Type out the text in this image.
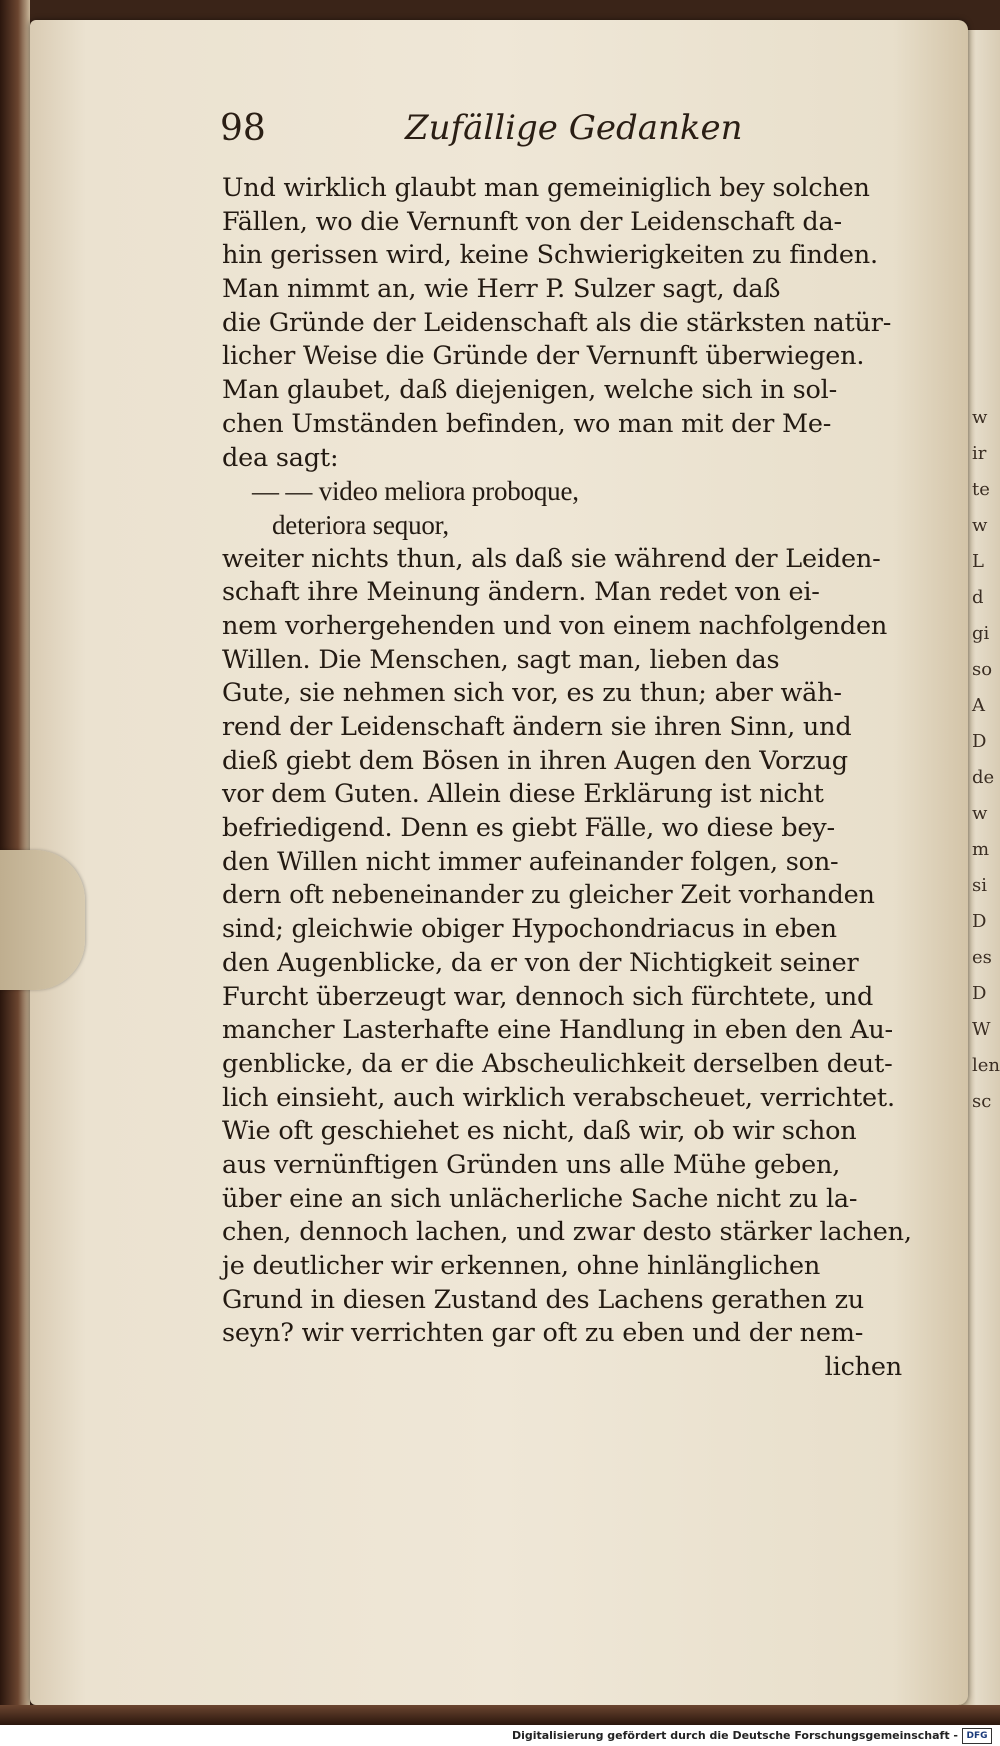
w
ir
te
w
L
d
gi
so
A
D
de
w
m
si
D
es
D
W
len
sc
98	Zufällige Gedanken
Und wirklich glaubt man gemeiniglich bey solchen
Fällen, wo die Vernunft von der Leidenschaft da-
hin gerissen wird, keine Schwierigkeiten zu finden.
Man nimmt an, wie Herr P. Sulzer sagt, daß
die Gründe der Leidenschaft als die stärksten natür-
licher Weise die Gründe der Vernunft überwiegen.
Man glaubet, daß diejenigen, welche sich in sol-
chen Umständen befinden, wo man mit der Me-
dea sagt:
— — video meliora proboque,
deteriora sequor,
weiter nichts thun, als daß sie während der Leiden-
schaft ihre Meinung ändern. Man redet von ei-
nem vorhergehenden und von einem nachfolgenden
Willen. Die Menschen, sagt man, lieben das
Gute, sie nehmen sich vor, es zu thun; aber wäh-
rend der Leidenschaft ändern sie ihren Sinn, und
dieß giebt dem Bösen in ihren Augen den Vorzug
vor dem Guten. Allein diese Erklärung ist nicht
befriedigend. Denn es giebt Fälle, wo diese bey-
den Willen nicht immer aufeinander folgen, son-
dern oft nebeneinander zu gleicher Zeit vorhanden
sind; gleichwie obiger Hypochondriacus in eben
den Augenblicke, da er von der Nichtigkeit seiner
Furcht überzeugt war, dennoch sich fürchtete, und
mancher Lasterhafte eine Handlung in eben den Au-
genblicke, da er die Abscheulichkeit derselben deut-
lich einsieht, auch wirklich verabscheuet, verrichtet.
Wie oft geschiehet es nicht, daß wir, ob wir schon
aus vernünftigen Gründen uns alle Mühe geben,
über eine an sich unlächerliche Sache nicht zu la-
chen, dennoch lachen, und zwar desto stärker lachen,
je deutlicher wir erkennen, ohne hinlänglichen
Grund in diesen Zustand des Lachens gerathen zu
seyn? wir verrichten gar oft zu eben und der nem-
lichen
Digitalisierung gefördert durch die Deutsche Forschungsgemeinschaft - DFG
